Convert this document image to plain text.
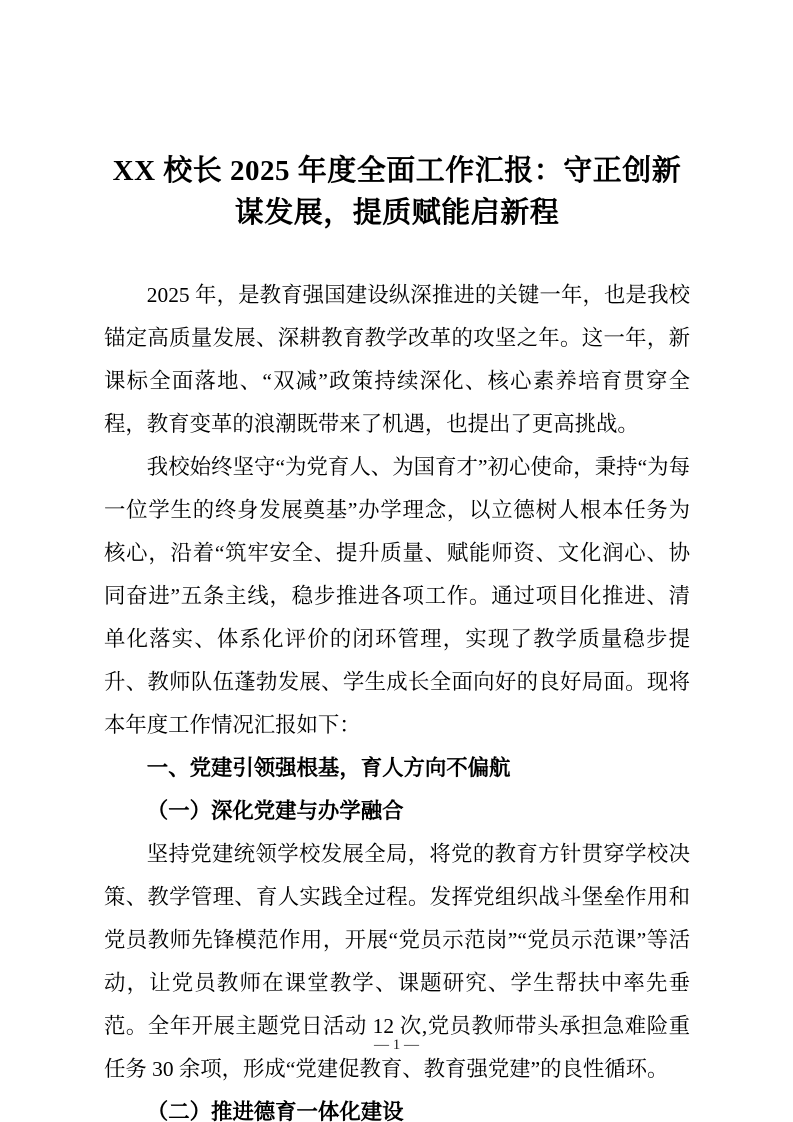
XX 校长 2025 年度全面工作汇报：守正创新谋发展，提质赋能启新程

2025 年，是教育强国建设纵深推进的关键一年，也是我校锚定高质量发展、深耕教育教学改革的攻坚之年。这一年，新课标全面落地、“双减”政策持续深化、核心素养培育贯穿全程，教育变革的浪潮既带来了机遇，也提出了更高挑战。

我校始终坚守“为党育人、为国育才”初心使命，秉持“为每一位学生的终身发展奠基”办学理念，以立德树人根本任务为核心，沿着“筑牢安全、提升质量、赋能师资、文化润心、协同奋进”五条主线，稳步推进各项工作。通过项目化推进、清单化落实、体系化评价的闭环管理，实现了教学质量稳步提升、教师队伍蓬勃发展、学生成长全面向好的良好局面。现将本年度工作情况汇报如下：

一、党建引领强根基，育人方向不偏航

（一）深化党建与办学融合

坚持党建统领学校发展全局，将党的教育方针贯穿学校决策、教学管理、育人实践全过程。发挥党组织战斗堡垒作用和党员教师先锋模范作用，开展“党员示范岗”“党员示范课”等活动，让党员教师在课堂教学、课题研究、学生帮扶中率先垂范。全年开展主题党日活动 12 次,党员教师带头承担急难险重任务 30 余项，形成“党建促教育、教育强党建”的良性循环。

（二）推进德育一体化建设

— 1 —
